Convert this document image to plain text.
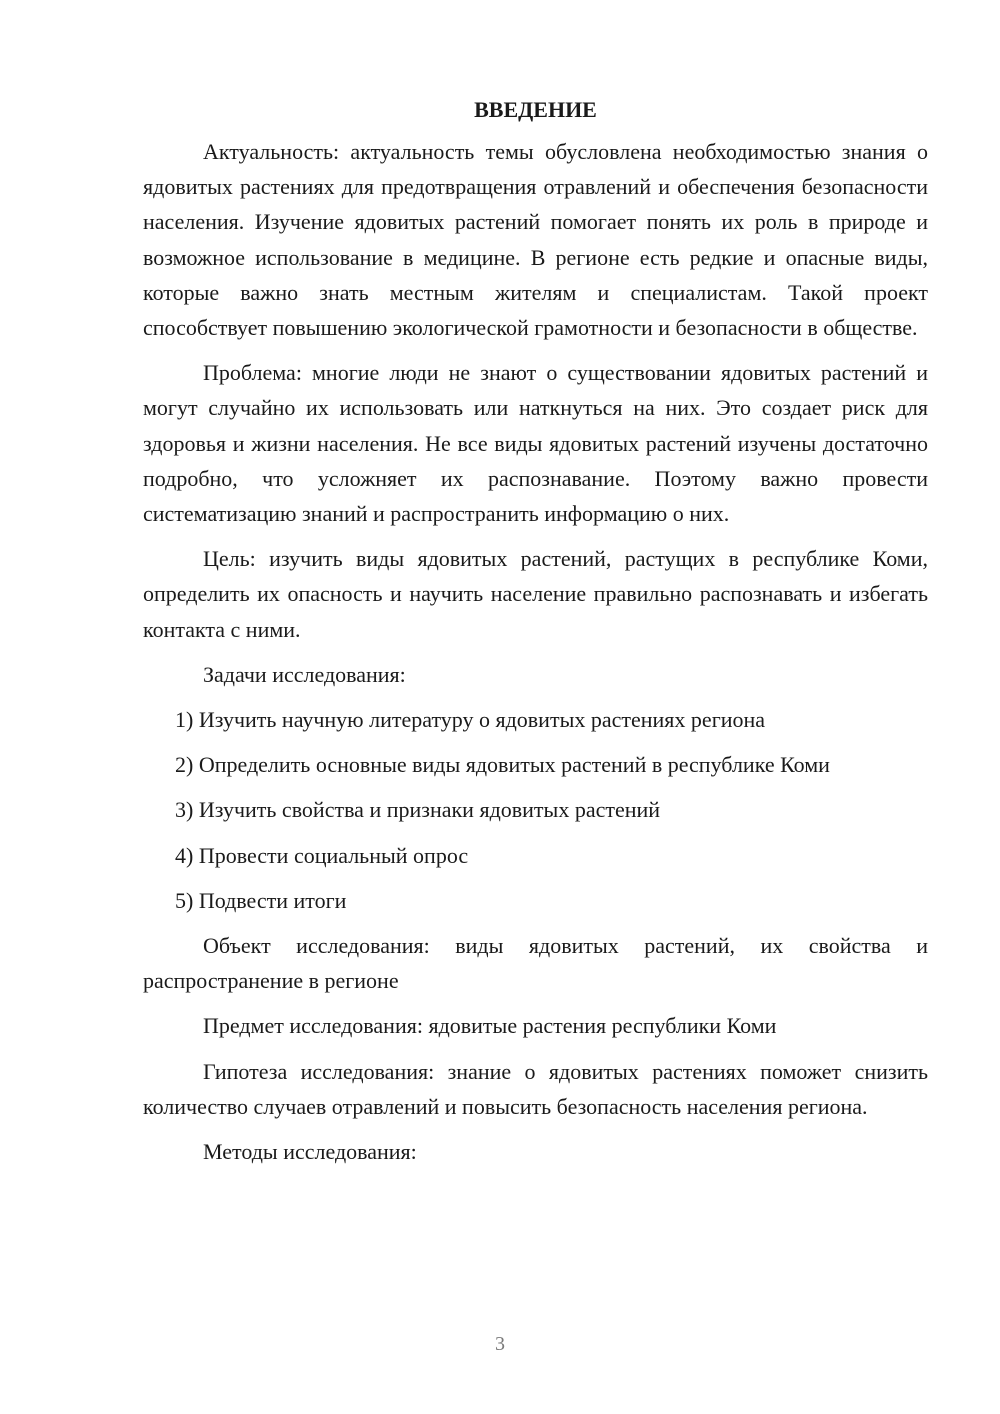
ВВЕДЕНИЕ

Актуальность: актуальность темы обусловлена необходимостью знания о ядовитых растениях для предотвращения отравлений и обеспечения безопасности населения. Изучение ядовитых растений помогает понять их роль в природе и возможное использование в медицине. В регионе есть редкие и опасные виды, которые важно знать местным жителям и специалистам. Такой проект способствует повышению экологической грамотности и безопасности в обществе.

Проблема: многие люди не знают о существовании ядовитых растений и могут случайно их использовать или наткнуться на них. Это создает риск для здоровья и жизни населения. Не все виды ядовитых растений изучены достаточно подробно, что усложняет их распознавание. Поэтому важно провести систематизацию знаний и распространить информацию о них.

Цель: изучить виды ядовитых растений, растущих в республике Коми, определить их опасность и научить население правильно распознавать и избегать контакта с ними.

Задачи исследования:

1) Изучить научную литературу о ядовитых растениях региона
2) Определить основные виды ядовитых растений в республике Коми
3) Изучить свойства и признаки ядовитых растений
4) Провести социальный опрос
5) Подвести итоги

Объект исследования: виды ядовитых растений, их свойства и распространение в регионе

Предмет исследования: ядовитые растения республики Коми

Гипотеза исследования: знание о ядовитых растениях поможет снизить количество случаев отравлений и повысить безопасность населения региона.

Методы исследования:

3
